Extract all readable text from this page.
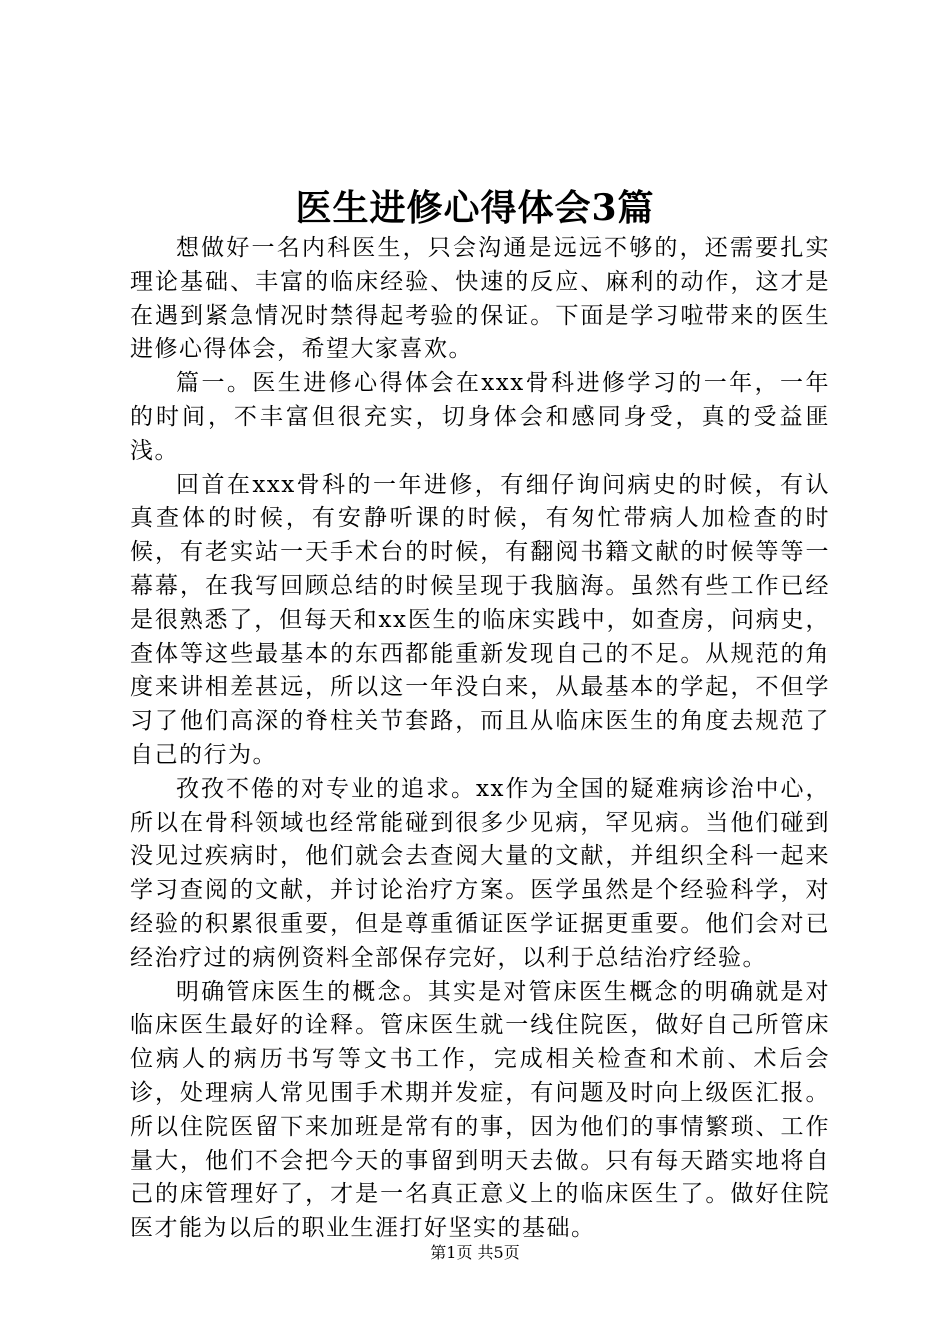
医生进修心得体会3篇

想做好一名内科医生，只会沟通是远远不够的，还需要扎实理论基础、丰富的临床经验、快速的反应、麻利的动作，这才是在遇到紧急情况时禁得起考验的保证。下面是学习啦带来的医生进修心得体会，希望大家喜欢。

篇一。医生进修心得体会在xxx骨科进修学习的一年，一年的时间，不丰富但很充实，切身体会和感同身受，真的受益匪浅。

回首在xxx骨科的一年进修，有细仔询问病史的时候，有认真查体的时候，有安静听课的时候，有匆忙带病人加检查的时候，有老实站一天手术台的时候，有翻阅书籍文献的时候等等一幕幕，在我写回顾总结的时候呈现于我脑海。虽然有些工作已经是很熟悉了，但每天和xx医生的临床实践中，如查房，问病史，查体等这些最基本的东西都能重新发现自己的不足。从规范的角度来讲相差甚远，所以这一年没白来，从最基本的学起，不但学习了他们高深的脊柱关节套路，而且从临床医生的角度去规范了自己的行为。

孜孜不倦的对专业的追求。xx作为全国的疑难病诊治中心，所以在骨科领域也经常能碰到很多少见病，罕见病。当他们碰到没见过疾病时，他们就会去查阅大量的文献，并组织全科一起来学习查阅的文献，并讨论治疗方案。医学虽然是个经验科学，对经验的积累很重要，但是尊重循证医学证据更重要。他们会对已经治疗过的病例资料全部保存完好，以利于总结治疗经验。

明确管床医生的概念。其实是对管床医生概念的明确就是对临床医生最好的诠释。管床医生就一线住院医，做好自己所管床位病人的病历书写等文书工作，完成相关检查和术前、术后会诊，处理病人常见围手术期并发症，有问题及时向上级医汇报。所以住院医留下来加班是常有的事，因为他们的事情繁琐、工作量大，他们不会把今天的事留到明天去做。只有每天踏实地将自己的床管理好了，才是一名真正意义上的临床医生了。做好住院医才能为以后的职业生涯打好坚实的基础。

第1页 共5页
